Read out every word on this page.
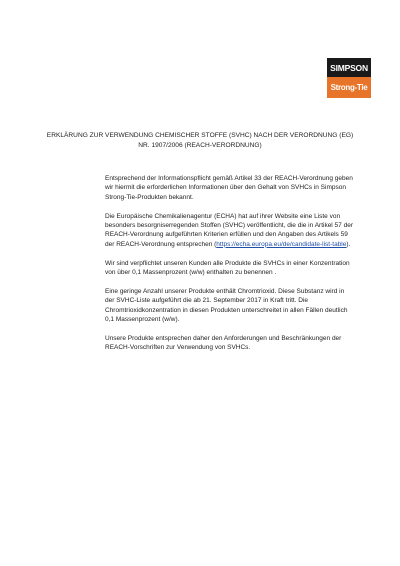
SIMPSON
Strong-Tie
ERKLÄRUNG ZUR VERWENDUNG CHEMISCHER STOFFE (SVHC) NACH DER VERORDNUNG (EG) NR. 1907/2006 (REACH-VERORDNUNG)

Entsprechend der Informationspflicht gemäß Artikel 33 der REACH-Verordnung geben wir hiermit die erforderlichen Informationen über den Gehalt von SVHCs in Simpson Strong-Tie-Produkten bekannt.

Die Europäische Chemikalienagentur (ECHA) hat auf ihrer Website eine Liste von besonders besorgniserregenden Stoffen (SVHC) veröffentlicht, die die in Artikel 57 der REACH-Verordnung aufgeführten Kriterien erfüllen und den Angaben des Artikels 59 der REACH-Verordnung entsprechen (https://echa.europa.eu/de/candidate-list-table).

Wir sind verpflichtet unseren Kunden alle Produkte die SVHCs in einer Konzentration von über 0,1 Massenprozent (w/w) enthalten zu benennen .

Eine geringe Anzahl unserer Produkte enthält Chromtrioxid. Diese Substanz wird in der SVHC-Liste aufgeführt die ab 21. September 2017 in Kraft tritt. Die Chromtrioxidkonzentration in diesen Produkten unterschreitet in allen Fällen deutlich 0,1 Massenprozent (w/w).

Unsere Produkte entsprechen daher den Anforderungen und Beschränkungen der REACH-Vorschriften zur Verwendung von SVHCs.
